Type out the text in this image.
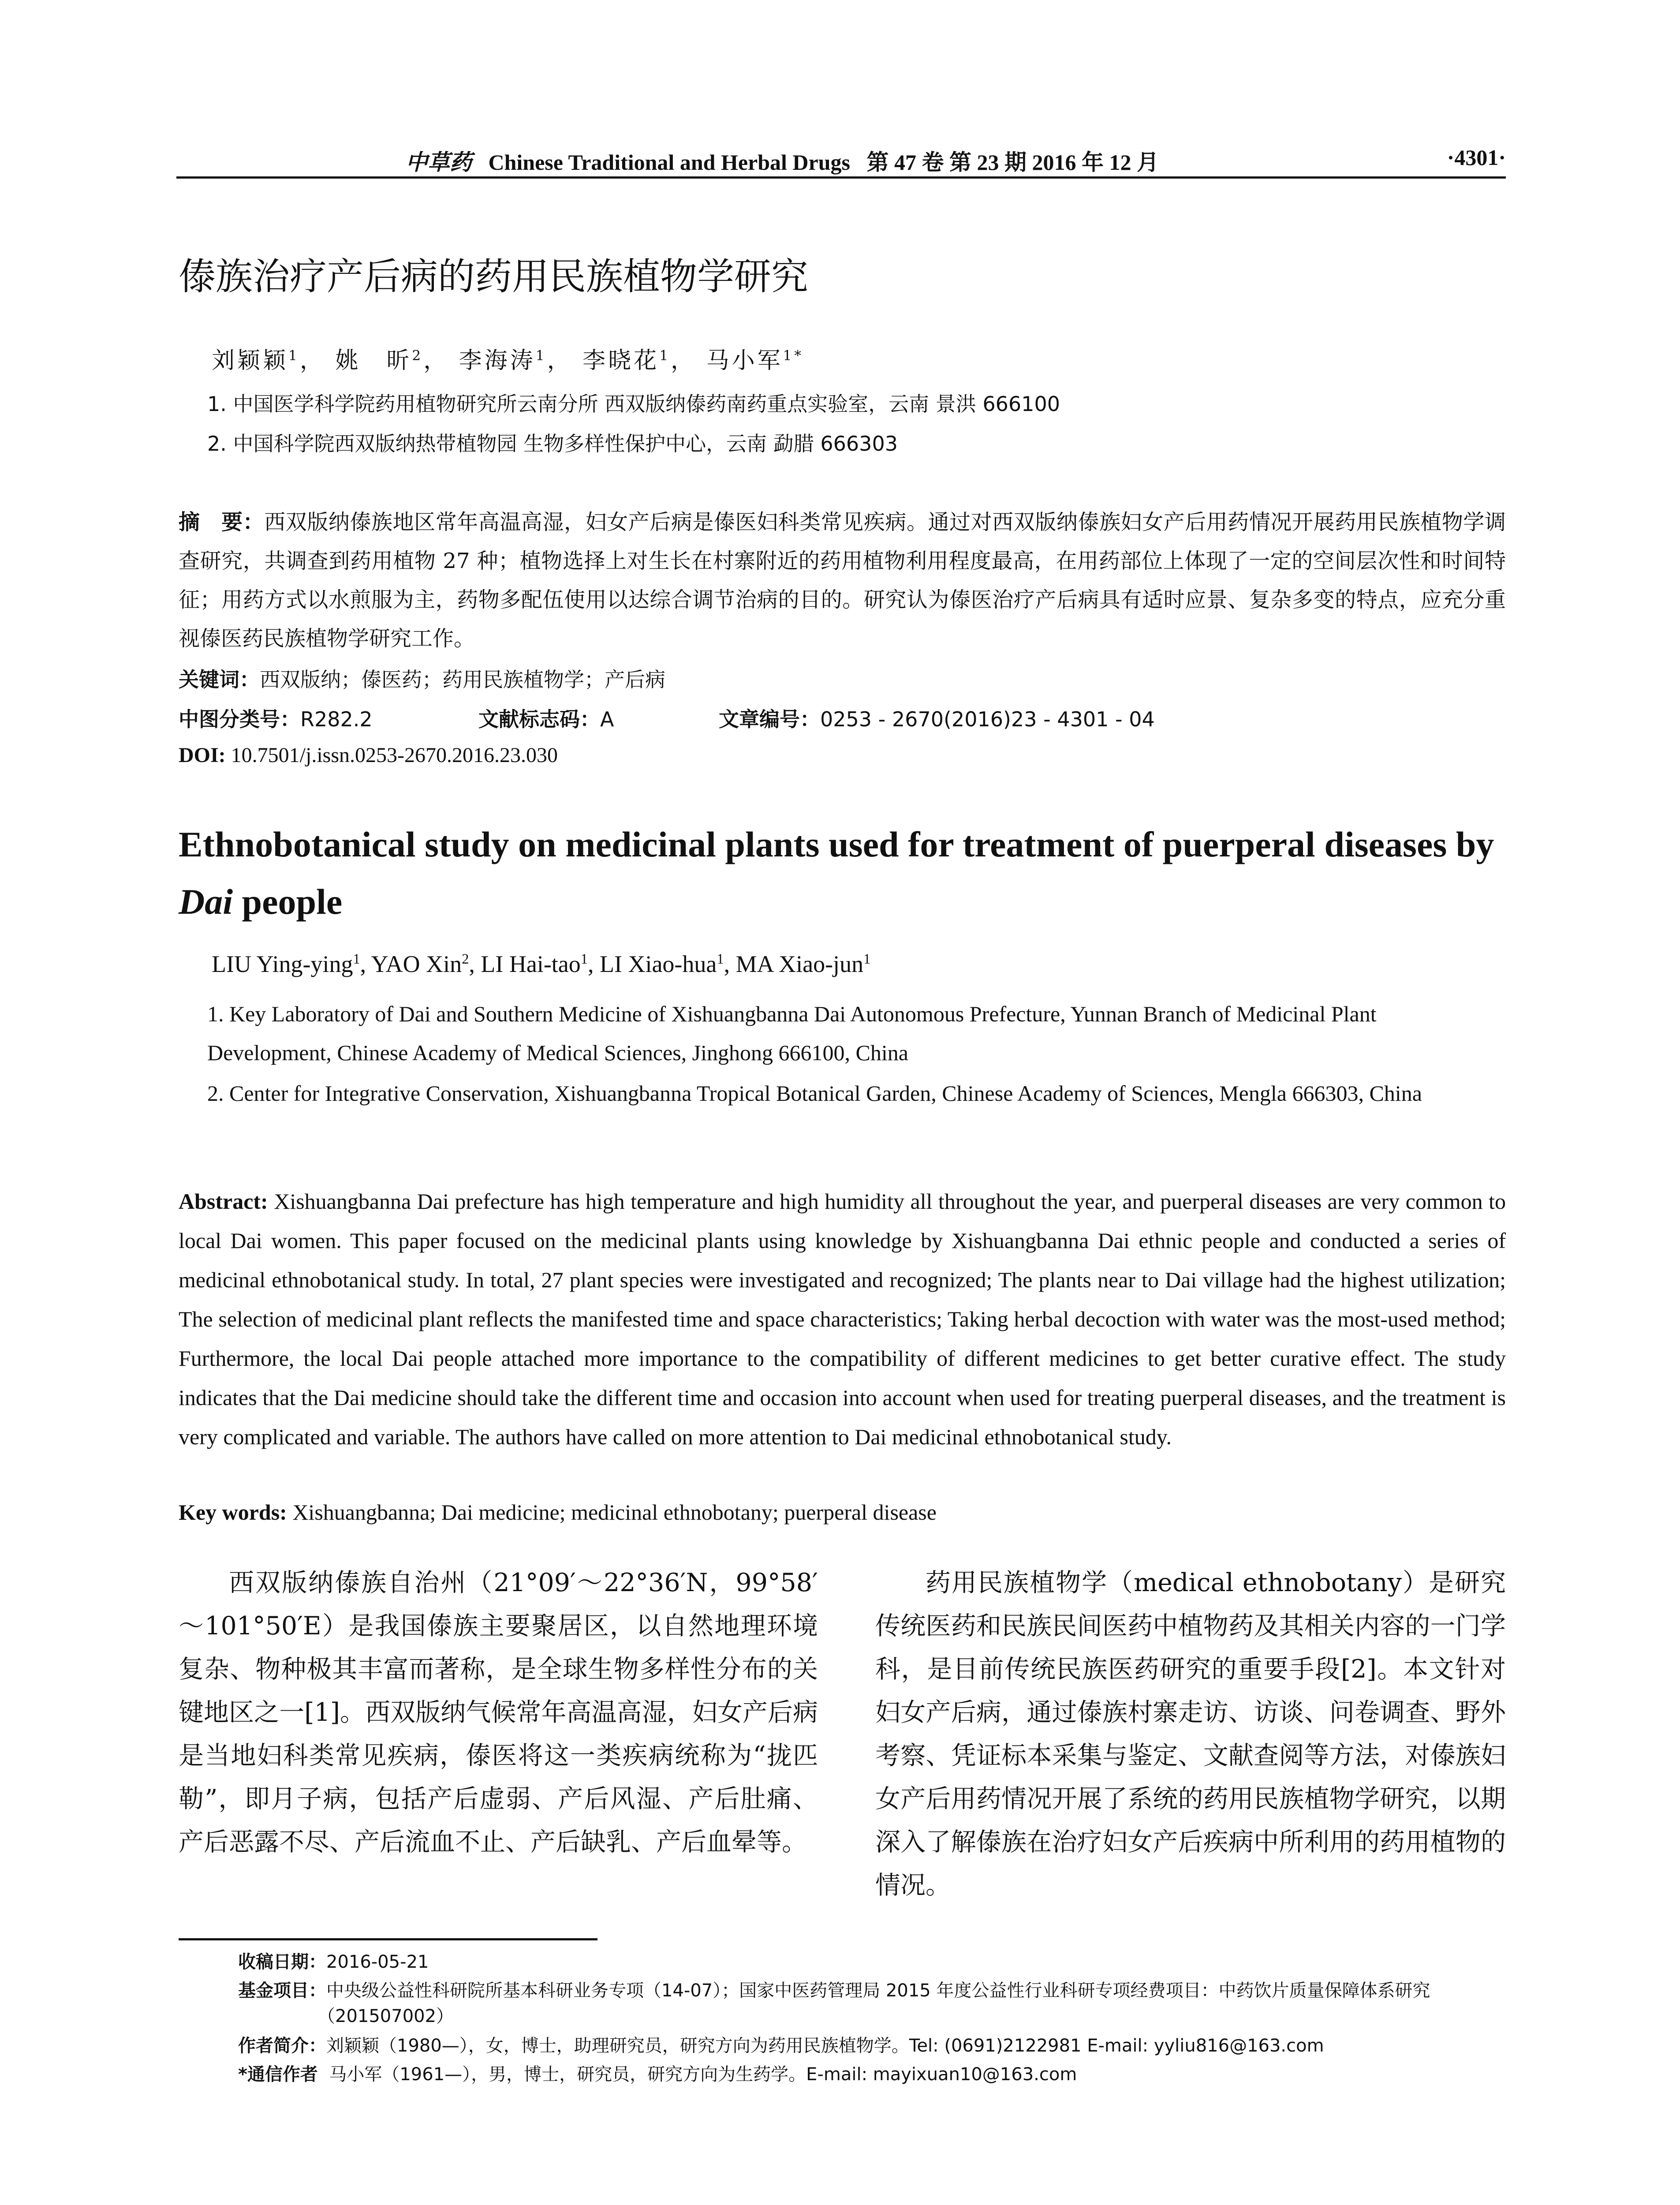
中草药 Chinese Traditional and Herbal Drugs 第 47 卷 第 23 期 2016 年 12 月	·4301·
傣族治疗产后病的药用民族植物学研究
刘颖颖$^1$， 姚　昕$^2$， 李海涛$^1$， 李晓花$^1$， 马小军$^{1*}$
1. 中国医学科学院药用植物研究所云南分所 西双版纳傣药南药重点实验室，云南 景洪 666100
2. 中国科学院西双版纳热带植物园 生物多样性保护中心，云南 勐腊 666303
摘　要：西双版纳傣族地区常年高温高湿，妇女产后病是傣医妇科类常见疾病。通过对西双版纳傣族妇女产后用药情况开展药用民族植物学调查研究，共调查到药用植物 27 种；植物选择上对生长在村寨附近的药用植物利用程度最高，在用药部位上体现了一定的空间层次性和时间特征；用药方式以水煎服为主，药物多配伍使用以达综合调节治病的目的。研究认为傣医治疗产后病具有适时应景、复杂多变的特点，应充分重视傣医药民族植物学研究工作。
关键词：西双版纳；傣医药；药用民族植物学；产后病
中图分类号：R282.2	文献标志码：A	文章编号：0253 - 2670(2016)23 - 4301 - 04
DOI: 10.7501/j.issn.0253-2670.2016.23.030
Ethnobotanical study on medicinal plants used for treatment of puerperal diseases by Dai people
LIU Ying-ying$^1$, YAO Xin$^2$, LI Hai-tao$^1$, LI Xiao-hua$^1$, MA Xiao-jun$^1$
1. Key Laboratory of Dai and Southern Medicine of Xishuangbanna Dai Autonomous Prefecture, Yunnan Branch of Medicinal Plant Development, Chinese Academy of Medical Sciences, Jinghong 666100, China
2. Center for Integrative Conservation, Xishuangbanna Tropical Botanical Garden, Chinese Academy of Sciences, Mengla 666303, China
Abstract: Xishuangbanna Dai prefecture has high temperature and high humidity all throughout the year, and puerperal diseases are very common to local Dai women. This paper focused on the medicinal plants using knowledge by Xishuangbanna Dai ethnic people and conducted a series of medicinal ethnobotanical study. In total, 27 plant species were investigated and recognized; The plants near to Dai village had the highest utilization; The selection of medicinal plant reflects the manifested time and space characteristics; Taking herbal decoction with water was the most-used method; Furthermore, the local Dai people attached more importance to the compatibility of different medicines to get better curative effect. The study indicates that the Dai medicine should take the different time and occasion into account when used for treating puerperal diseases, and the treatment is very complicated and variable. The authors have called on more attention to Dai medicinal ethnobotanical study.
Key words: Xishuangbanna; Dai medicine; medicinal ethnobotany; puerperal disease
西双版纳傣族自治州（21°09′～22°36′N，99°58′～101°50′E）是我国傣族主要聚居区，以自然地理环境复杂、物种极其丰富而著称，是全球生物多样性分布的关键地区之一[1]。西双版纳气候常年高温高湿，妇女产后病是当地妇科类常见疾病，傣医将这一类疾病统称为“拢匹勒”，即月子病，包括产后虚弱、产后风湿、产后肚痛、产后恶露不尽、产后流血不止、产后缺乳、产后血晕等。
药用民族植物学（medical ethnobotany）是研究传统医药和民族民间医药中植物药及其相关内容的一门学科，是目前传统民族医药研究的重要手段[2]。本文针对妇女产后病，通过傣族村寨走访、访谈、问卷调查、野外考察、凭证标本采集与鉴定、文献查阅等方法，对傣族妇女产后用药情况开展了系统的药用民族植物学研究，以期深入了解傣族在治疗妇女产后疾病中所利用的药用植物的情况。
收稿日期：2016-05-21
基金项目：中央级公益性科研院所基本科研业务专项（14-07）；国家中医药管理局 2015 年度公益性行业科研专项经费项目：中药饮片质量保障体系研究（201507002）
作者简介：刘颖颖（1980—），女，博士，助理研究员，研究方向为药用民族植物学。Tel: (0691)2122981 E-mail: yyliu816@163.com
*通信作者 马小军（1961—），男，博士，研究员，研究方向为生药学。E-mail: mayixuan10@163.com
